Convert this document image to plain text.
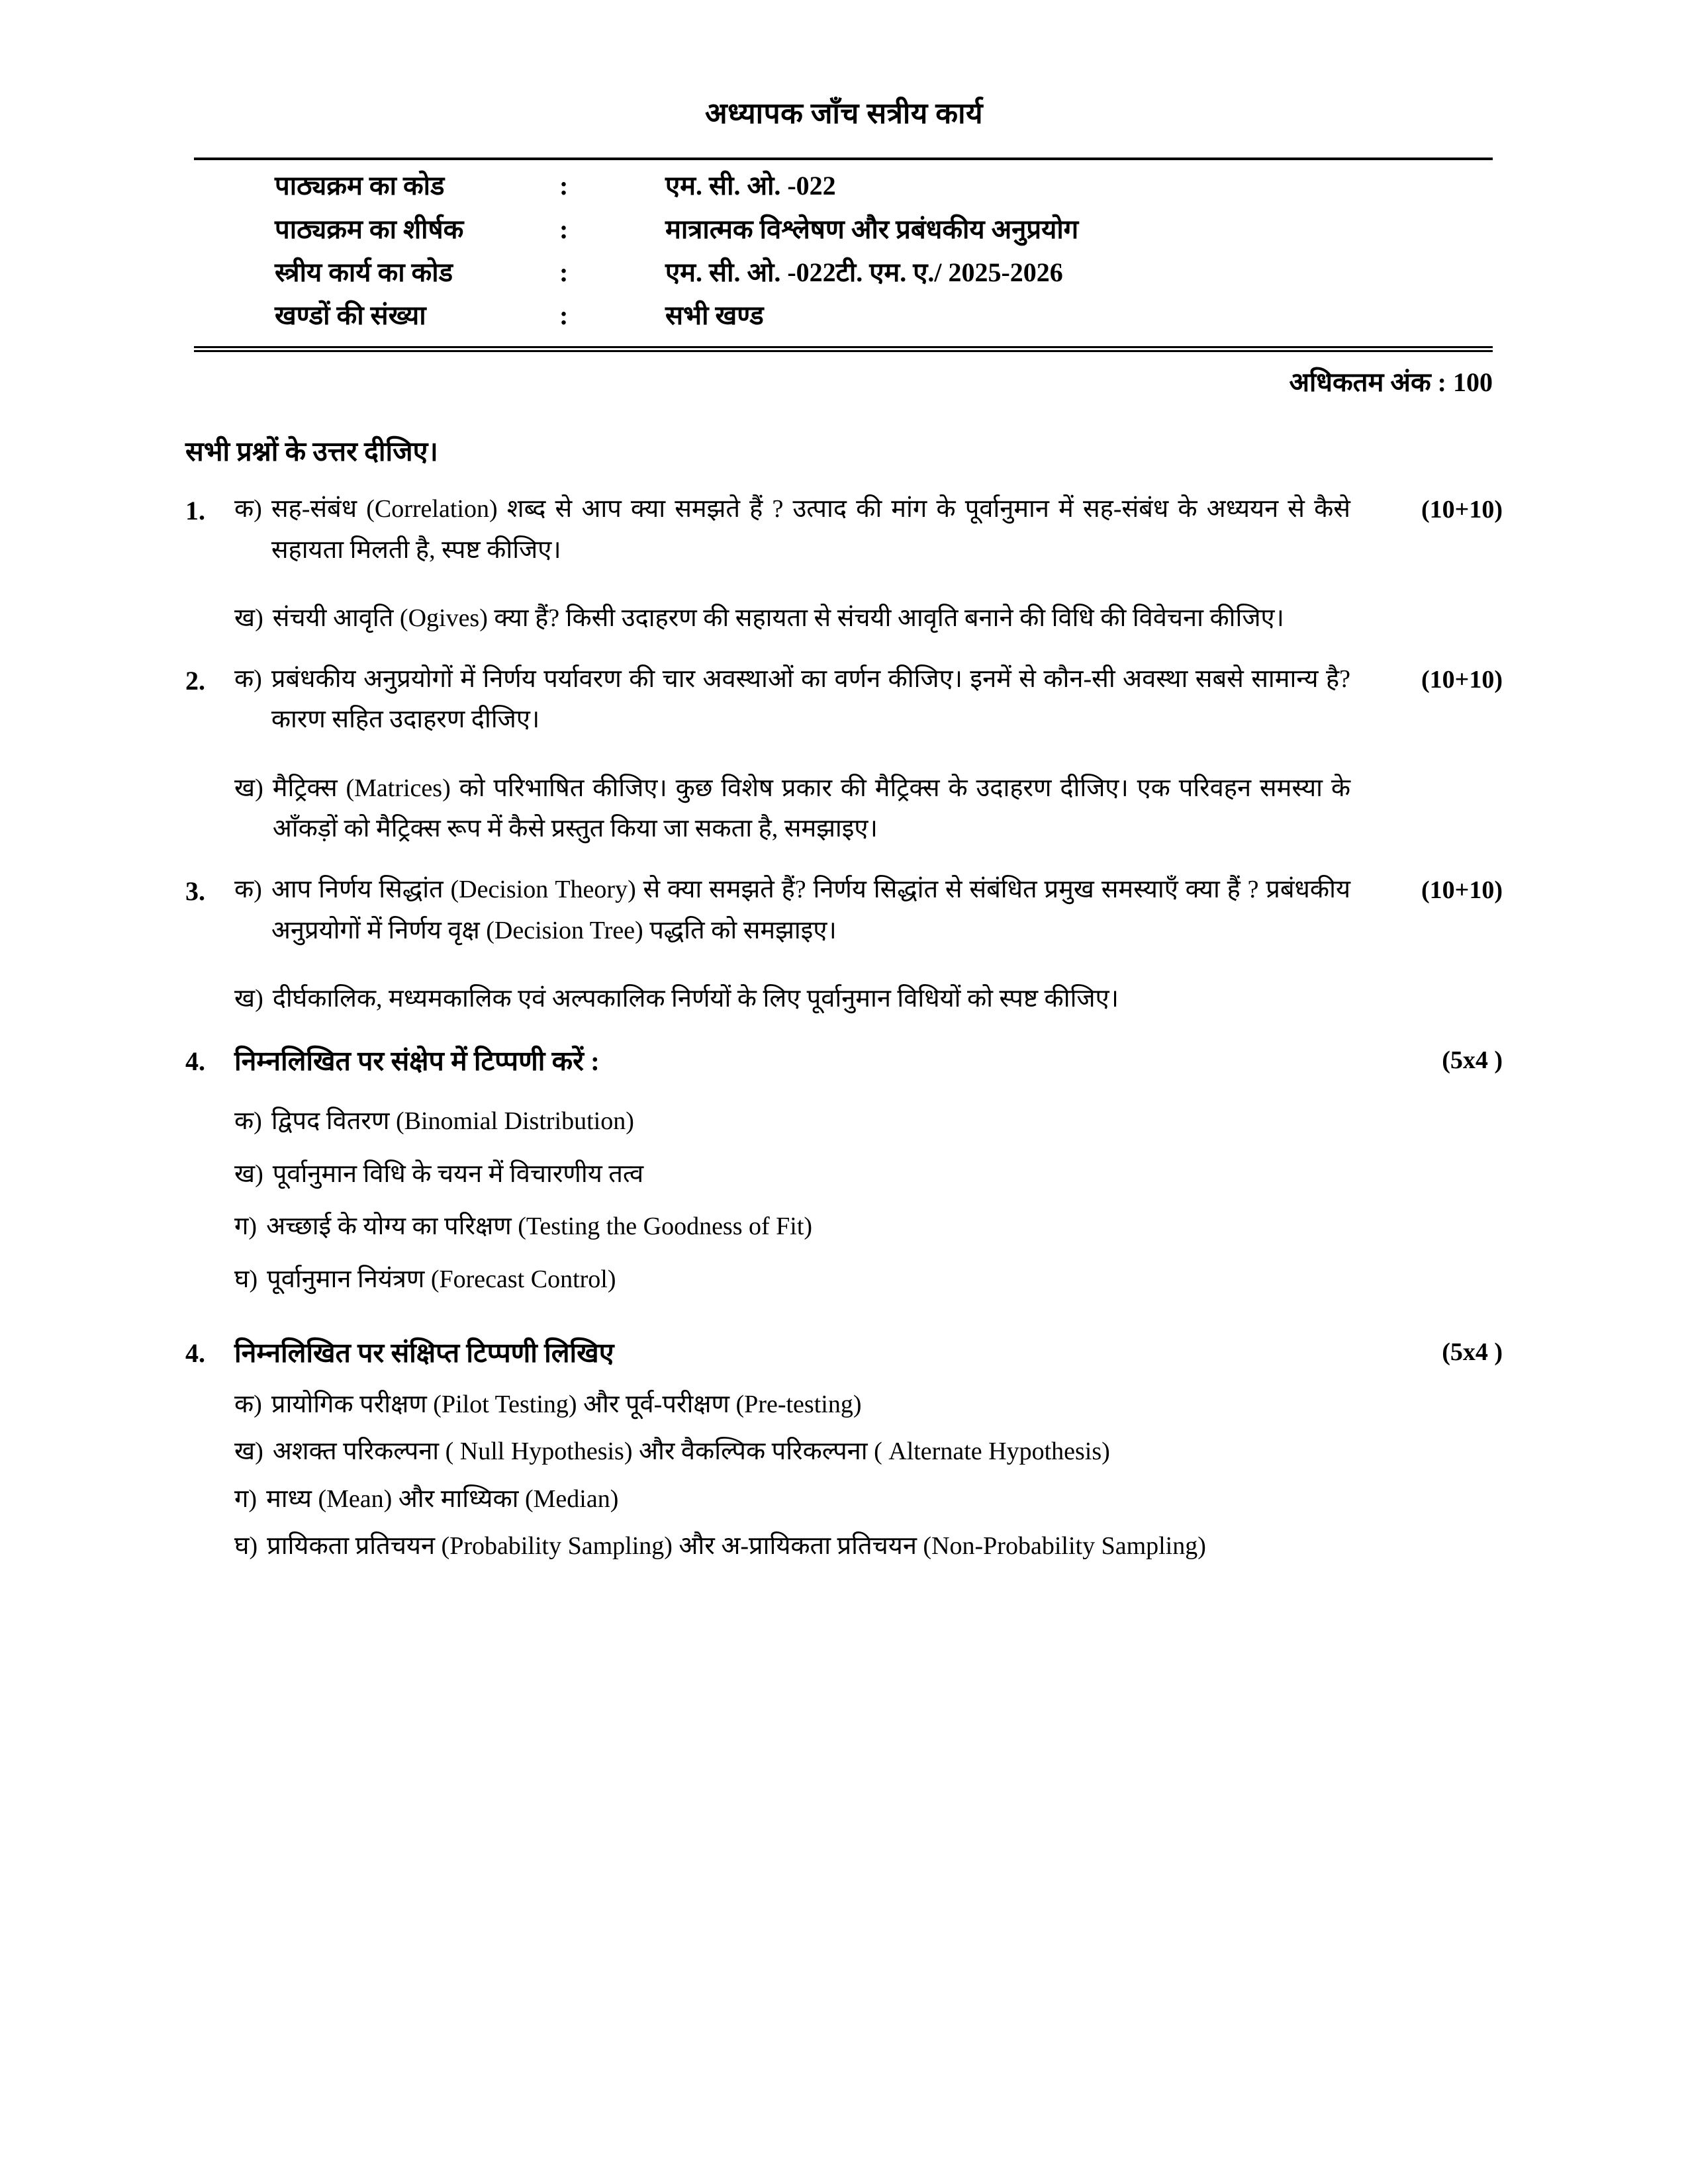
अध्यापक जाँच सत्रीय कार्य
पाठ्यक्रम का कोड	:	एम. सी. ओ. -022
पाठ्यक्रम का शीर्षक	:	मात्रात्मक विश्लेषण और प्रबंधकीय अनुप्रयोग
स्त्रीय कार्य का कोड	:	एम. सी. ओ. -022टी. एम. ए./ 2025-2026
खण्डों की संख्या	:	सभी खण्ड
अधिकतम अंक : 100
सभी प्रश्नों के उत्तर दीजिए।
1.	क) सह-संबंध (Correlation) शब्द से आप क्या समझते हैं ? उत्पाद की मांग के पूर्वानुमान में सह-संबंध के अध्ययन से कैसे सहायता मिलती है, स्पष्ट कीजिए।
ख) संचयी आवृति (Ogives) क्या हैं? किसी उदाहरण की सहायता से संचयी आवृति बनाने की विधि की विवेचना कीजिए।
(10+10)
2.	क) प्रबंधकीय अनुप्रयोगों में निर्णय पर्यावरण की चार अवस्थाओं का वर्णन कीजिए। इनमें से कौन-सी अवस्था सबसे सामान्य है? कारण सहित उदाहरण दीजिए।
ख) मैट्रिक्स (Matrices) को परिभाषित कीजिए। कुछ विशेष प्रकार की मैट्रिक्स के उदाहरण दीजिए। एक परिवहन समस्या के आँकड़ों को मैट्रिक्स रूप में कैसे प्रस्तुत किया जा सकता है, समझाइए।
(10+10)
3.	क) आप निर्णय सिद्धांत (Decision Theory) से क्या समझते हैं? निर्णय सिद्धांत से संबंधित प्रमुख समस्याएँ क्या हैं ? प्रबंधकीय अनुप्रयोगों में निर्णय वृक्ष (Decision Tree) पद्धति को समझाइए।
ख) दीर्घकालिक, मध्यमकालिक एवं अल्पकालिक निर्णयों के लिए पूर्वानुमान विधियों को स्पष्ट कीजिए।
(10+10)
4.	निम्नलिखित पर संक्षेप में टिप्पणी करें :
क) द्विपद वितरण (Binomial Distribution)
ख) पूर्वानुमान विधि के चयन में विचारणीय तत्व
ग) अच्छाई के योग्य का परिक्षण (Testing the Goodness of Fit)
घ) पूर्वानुमान नियंत्रण (Forecast Control)
(5x4 )
4.	निम्नलिखित पर संक्षिप्त टिप्पणी लिखिए
क) प्रायोगिक परीक्षण (Pilot Testing) और पूर्व-परीक्षण (Pre-testing)
ख) अशक्त परिकल्पना ( Null Hypothesis) और वैकल्पिक परिकल्पना ( Alternate Hypothesis)
ग) माध्य (Mean) और माध्यिका (Median)
घ) प्रायिकता प्रतिचयन (Probability Sampling) और अ-प्रायिकता प्रतिचयन (Non-Probability Sampling)
(5x4 )
